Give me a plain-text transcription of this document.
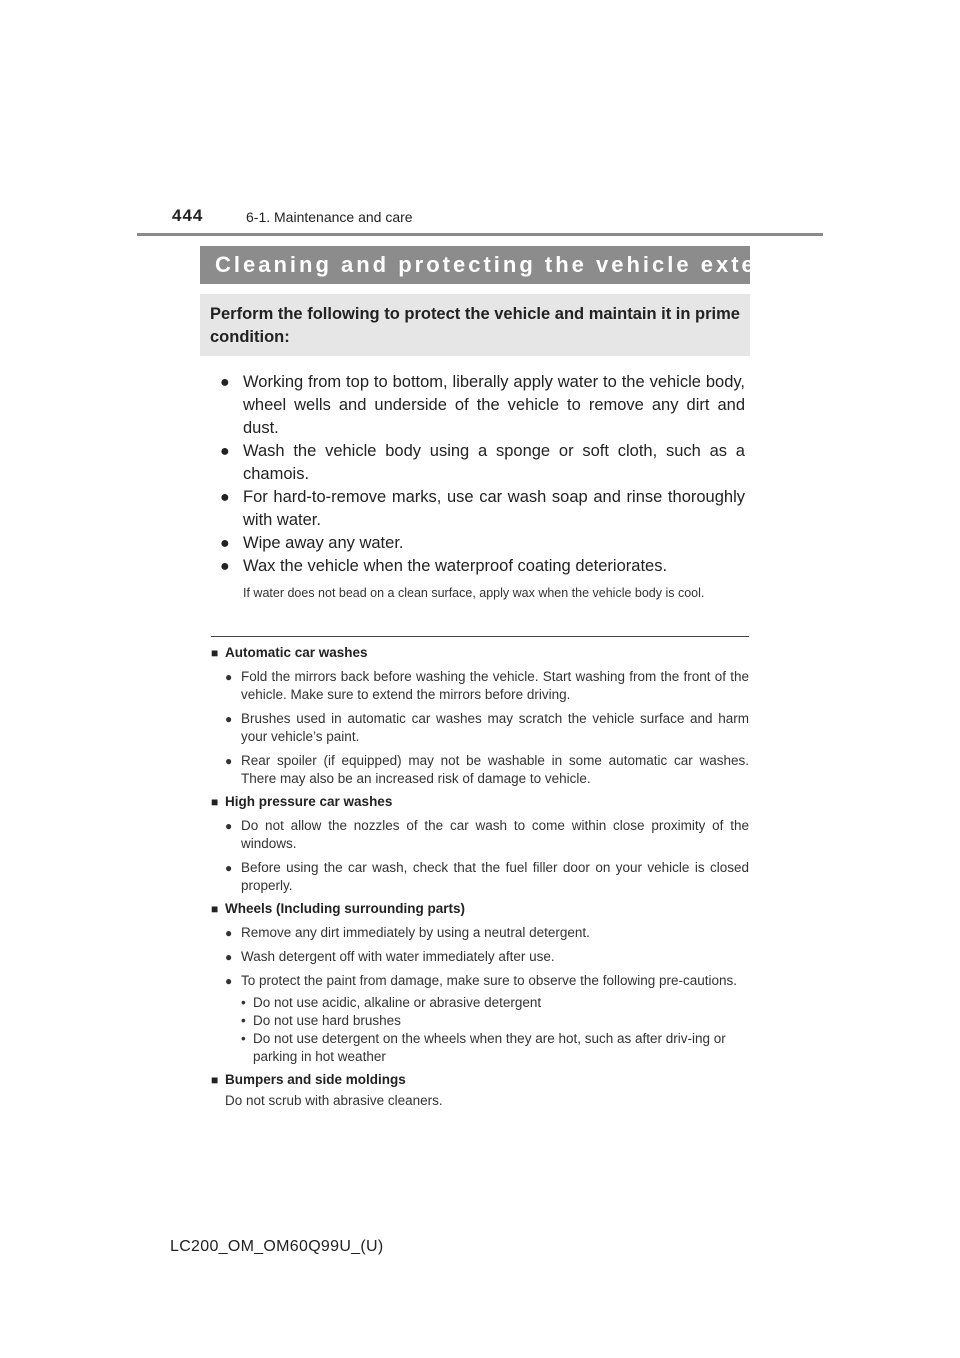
444	6-1. Maintenance and care
Cleaning and protecting the vehicle exterior
Perform the following to protect the vehicle and maintain it in prime condition:
● Working from top to bottom, liberally apply water to the vehicle body, wheel wells and underside of the vehicle to remove any dirt and dust.
● Wash the vehicle body using a sponge or soft cloth, such as a chamois.
● For hard-to-remove marks, use car wash soap and rinse thoroughly with water.
● Wipe away any water.
● Wax the vehicle when the waterproof coating deteriorates.
If water does not bead on a clean surface, apply wax when the vehicle body is cool.
■ Automatic car washes
● Fold the mirrors back before washing the vehicle. Start washing from the front of the vehicle. Make sure to extend the mirrors before driving.
● Brushes used in automatic car washes may scratch the vehicle surface and harm your vehicle’s paint.
● Rear spoiler (if equipped) may not be washable in some automatic car washes. There may also be an increased risk of damage to vehicle.
■ High pressure car washes
● Do not allow the nozzles of the car wash to come within close proximity of the windows.
● Before using the car wash, check that the fuel filler door on your vehicle is closed properly.
■ Wheels (Including surrounding parts)
● Remove any dirt immediately by using a neutral detergent.
● Wash detergent off with water immediately after use.
● To protect the paint from damage, make sure to observe the following pre-cautions.
• Do not use acidic, alkaline or abrasive detergent
• Do not use hard brushes
• Do not use detergent on the wheels when they are hot, such as after driv-ing or parking in hot weather
■ Bumpers and side moldings
Do not scrub with abrasive cleaners.
LC200_OM_OM60Q99U_(U)
